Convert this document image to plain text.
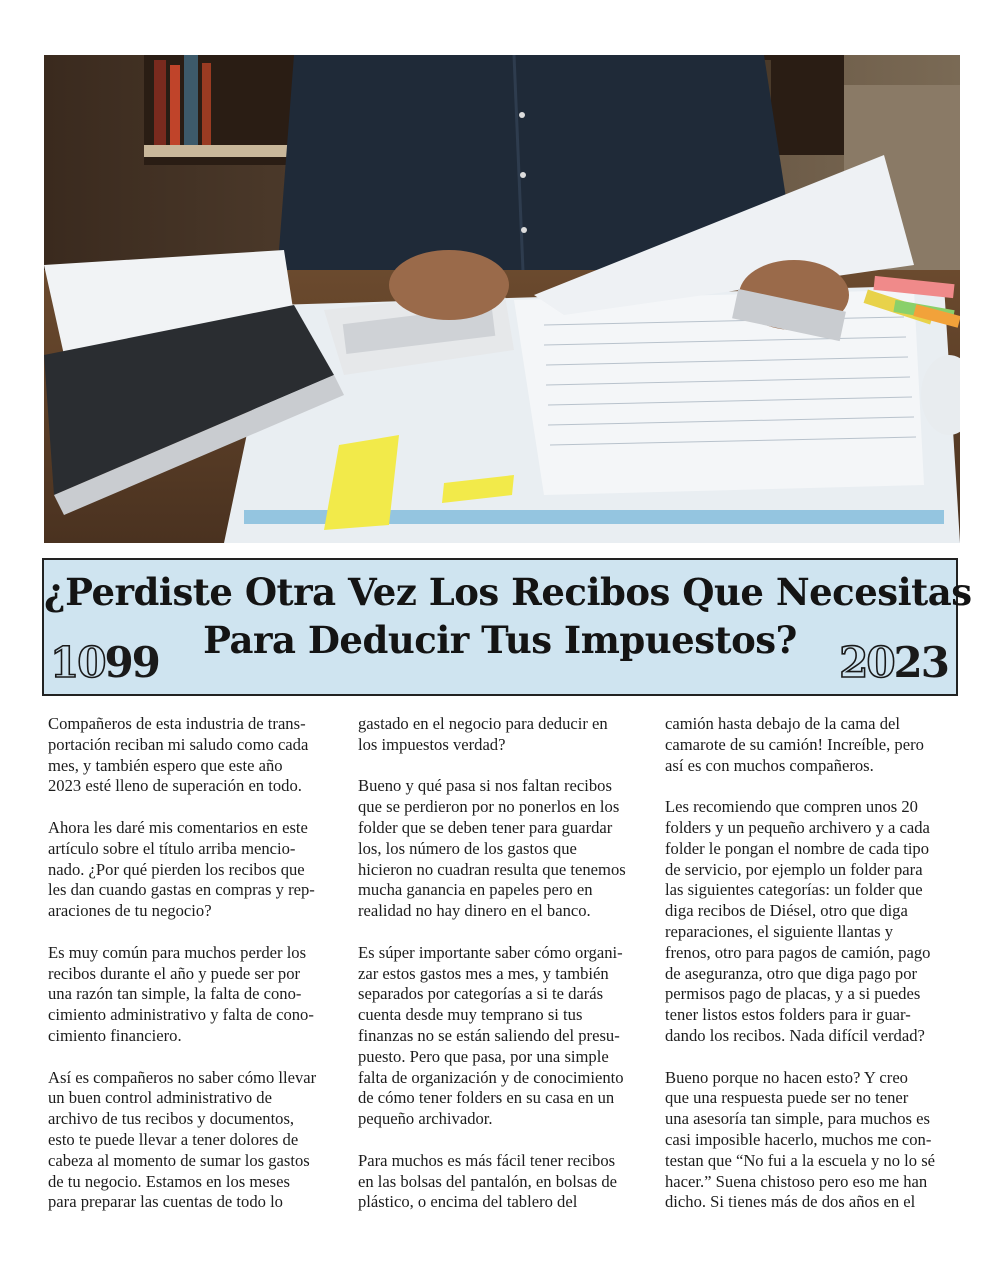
¿Perdiste Otra Vez Los Recibos Que Necesitas
Para Deducir Tus Impuestos?
1099	2023

Compañeros de esta industria de trans-
portación reciban mi saludo como cada
mes, y también espero que este año
2023 esté lleno de superación en todo.

Ahora les daré mis comentarios en este
artículo sobre el título arriba mencio-
nado. ¿Por qué pierden los recibos que
les dan cuando gastas en compras y rep-
araciones de tu negocio?

Es muy común para muchos perder los
recibos durante el año y puede ser por
una razón tan simple, la falta de cono-
cimiento administrativo y falta de cono-
cimiento financiero.

Así es compañeros no saber cómo llevar
un buen control administrativo de
archivo de tus recibos y documentos,
esto te puede llevar a tener dolores de
cabeza al momento de sumar los gastos
de tu negocio. Estamos en los meses
para preparar las cuentas de todo lo

gastado en el negocio para deducir en
los impuestos verdad?

Bueno y qué pasa si nos faltan recibos
que se perdieron por no ponerlos en los
folder que se deben tener para guardar
los, los número de los gastos que
hicieron no cuadran resulta que tenemos
mucha ganancia en papeles pero en
realidad no hay dinero en el banco.

Es súper importante saber cómo organi-
zar estos gastos mes a mes, y también
separados por categorías a si te darás
cuenta desde muy temprano si tus
finanzas no se están saliendo del presu-
puesto. Pero que pasa, por una simple
falta de organización y de conocimiento
de cómo tener folders en su casa en un
pequeño archivador.

Para muchos es más fácil tener recibos
en las bolsas del pantalón, en bolsas de
plástico, o encima del tablero del

camión hasta debajo de la cama del
camarote de su camión! Increíble, pero
así es con muchos compañeros.

Les recomiendo que compren unos 20
folders y un pequeño archivero y a cada
folder le pongan el nombre de cada tipo
de servicio, por ejemplo un folder para
las siguientes categorías: un folder que
diga recibos de Diésel, otro que diga
reparaciones, el siguiente llantas y
frenos, otro para pagos de camión, pago
de aseguranza, otro que diga pago por
permisos pago de placas, y a si puedes
tener listos estos folders para ir guar-
dando los recibos. Nada difícil verdad?

Bueno porque no hacen esto? Y creo
que una respuesta puede ser no tener
una asesoría tan simple, para muchos es
casi imposible hacerlo, muchos me con-
testan que “No fui a la escuela y no lo sé
hacer.” Suena chistoso pero eso me han
dicho. Si tienes más de dos años en el
